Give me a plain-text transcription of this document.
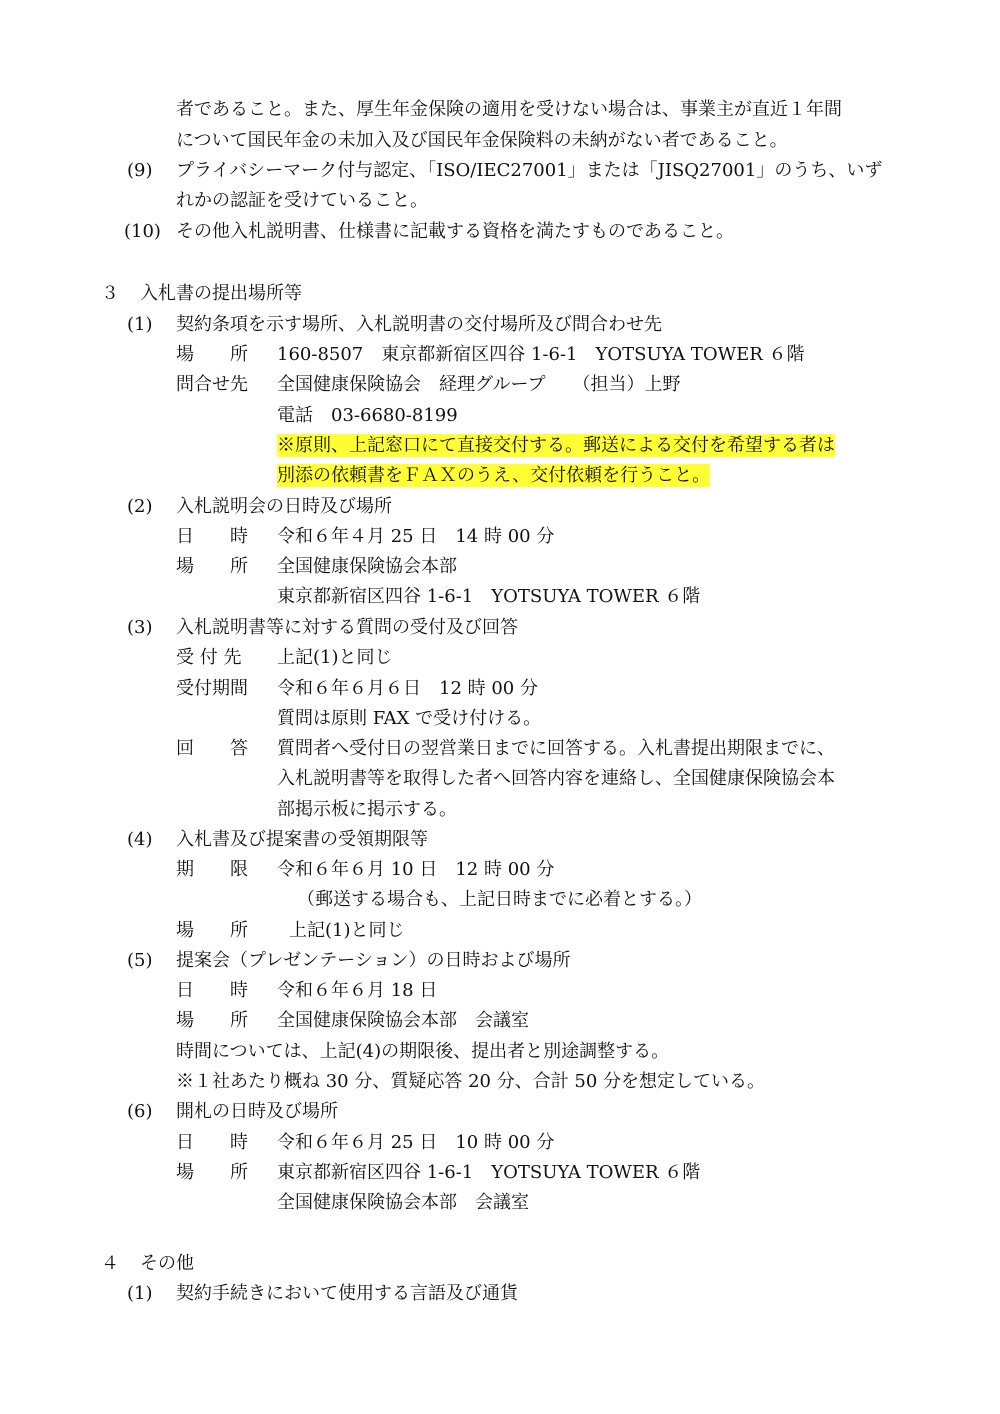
者であること。また、厚生年金保険の適用を受けない場合は、事業主が直近１年間
について国民年金の未加入及び国民年金保険料の未納がない者であること。
(9) プライバシーマーク付与認定、「ISO/IEC27001」または「JISQ27001」のうち、いず
れかの認証を受けていること。
(10) その他入札説明書、仕様書に記載する資格を満たすものであること。
３ 入札書の提出場所等
(1) 契約条項を示す場所、入札説明書の交付場所及び問合わせ先
場　　所 160-8507　東京都新宿区四谷 1-6-1　YOTSUYA TOWER ６階
問合せ先 全国健康保険協会　経理グループ　　（担当）上野
電話　03-6680-8199
※原則、上記窓口にて直接交付する。郵送による交付を希望する者は
別添の依頼書をＦＡＸのうえ、交付依頼を行うこと。
(2) 入札説明会の日時及び場所
日　　時 令和６年４月 25 日　14 時 00 分
場　　所 全国健康保険協会本部
東京都新宿区四谷 1-6-1　YOTSUYA TOWER ６階
(3) 入札説明書等に対する質問の受付及び回答
受 付 先 上記(1)と同じ
受付期間 令和６年６月６日　12 時 00 分
質問は原則 FAX で受け付ける。
回　　答 質問者へ受付日の翌営業日までに回答する。入札書提出期限までに、
入札説明書等を取得した者へ回答内容を連絡し、全国健康保険協会本
部掲示板に掲示する。
(4) 入札書及び提案書の受領期限等
期　　限 令和６年６月 10 日　12 時 00 分
（郵送する場合も、上記日時までに必着とする。）
場　　所 上記(1)と同じ
(5) 提案会（プレゼンテーション）の日時および場所
日　　時 令和６年６月 18 日
場　　所 全国健康保険協会本部　会議室
時間については、上記(4)の期限後、提出者と別途調整する。
※１社あたり概ね 30 分、質疑応答 20 分、合計 50 分を想定している。
(6) 開札の日時及び場所
日　　時 令和６年６月 25 日　10 時 00 分
場　　所 東京都新宿区四谷 1-6-1　YOTSUYA TOWER ６階
全国健康保険協会本部　会議室
４ その他
(1) 契約手続きにおいて使用する言語及び通貨
